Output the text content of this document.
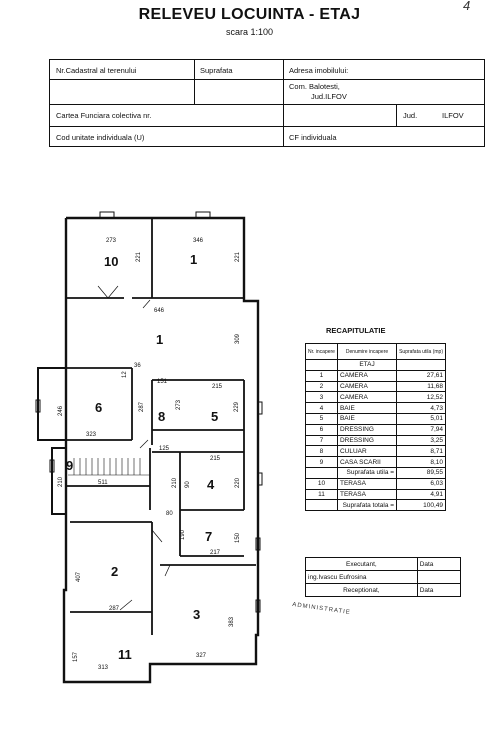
RELEVEU LOCUINTA - ETAJ
scara 1:100
4
Nr.Cadastral al terenului	Suprafata	Adresa imobilului:
Com. Balotesti,
Jud.ILFOV
Cartea Funciara colectiva nr.	Jud.	ILFOV
Cod unitate individuala (U)	CF individuala
10	1
1
6
8	5
9
4
7
2
3
11
273	346
221	221
646
309
36
12
151
215
246	287	273	229
323
125
215
210	511	210 90	220
80
190	150
217
407
287
383
157
313
327
RECAPITULATIE
Nr. incapere	Denumire incapere	Suprafata utila (mp)
	ETAJ	
1	CAMERA	27,61
2	CAMERA	11,68
3	CAMERA	12,52
4	BAIE	4,73
5	BAIE	5,01
6	DRESSING	7,94
7	DRESSING	3,25
8	CULUAR	8,71
9	CASA SCARII	8,10
	Suprafata utila =	89,55
10	TERASA	6,03
11	TERASA	4,91
	Suprafata totala =	100,49
Executant,	Data
ing.Ivascu Eufrosina	
Receptionat,	Data
ADMINISTRATIE
